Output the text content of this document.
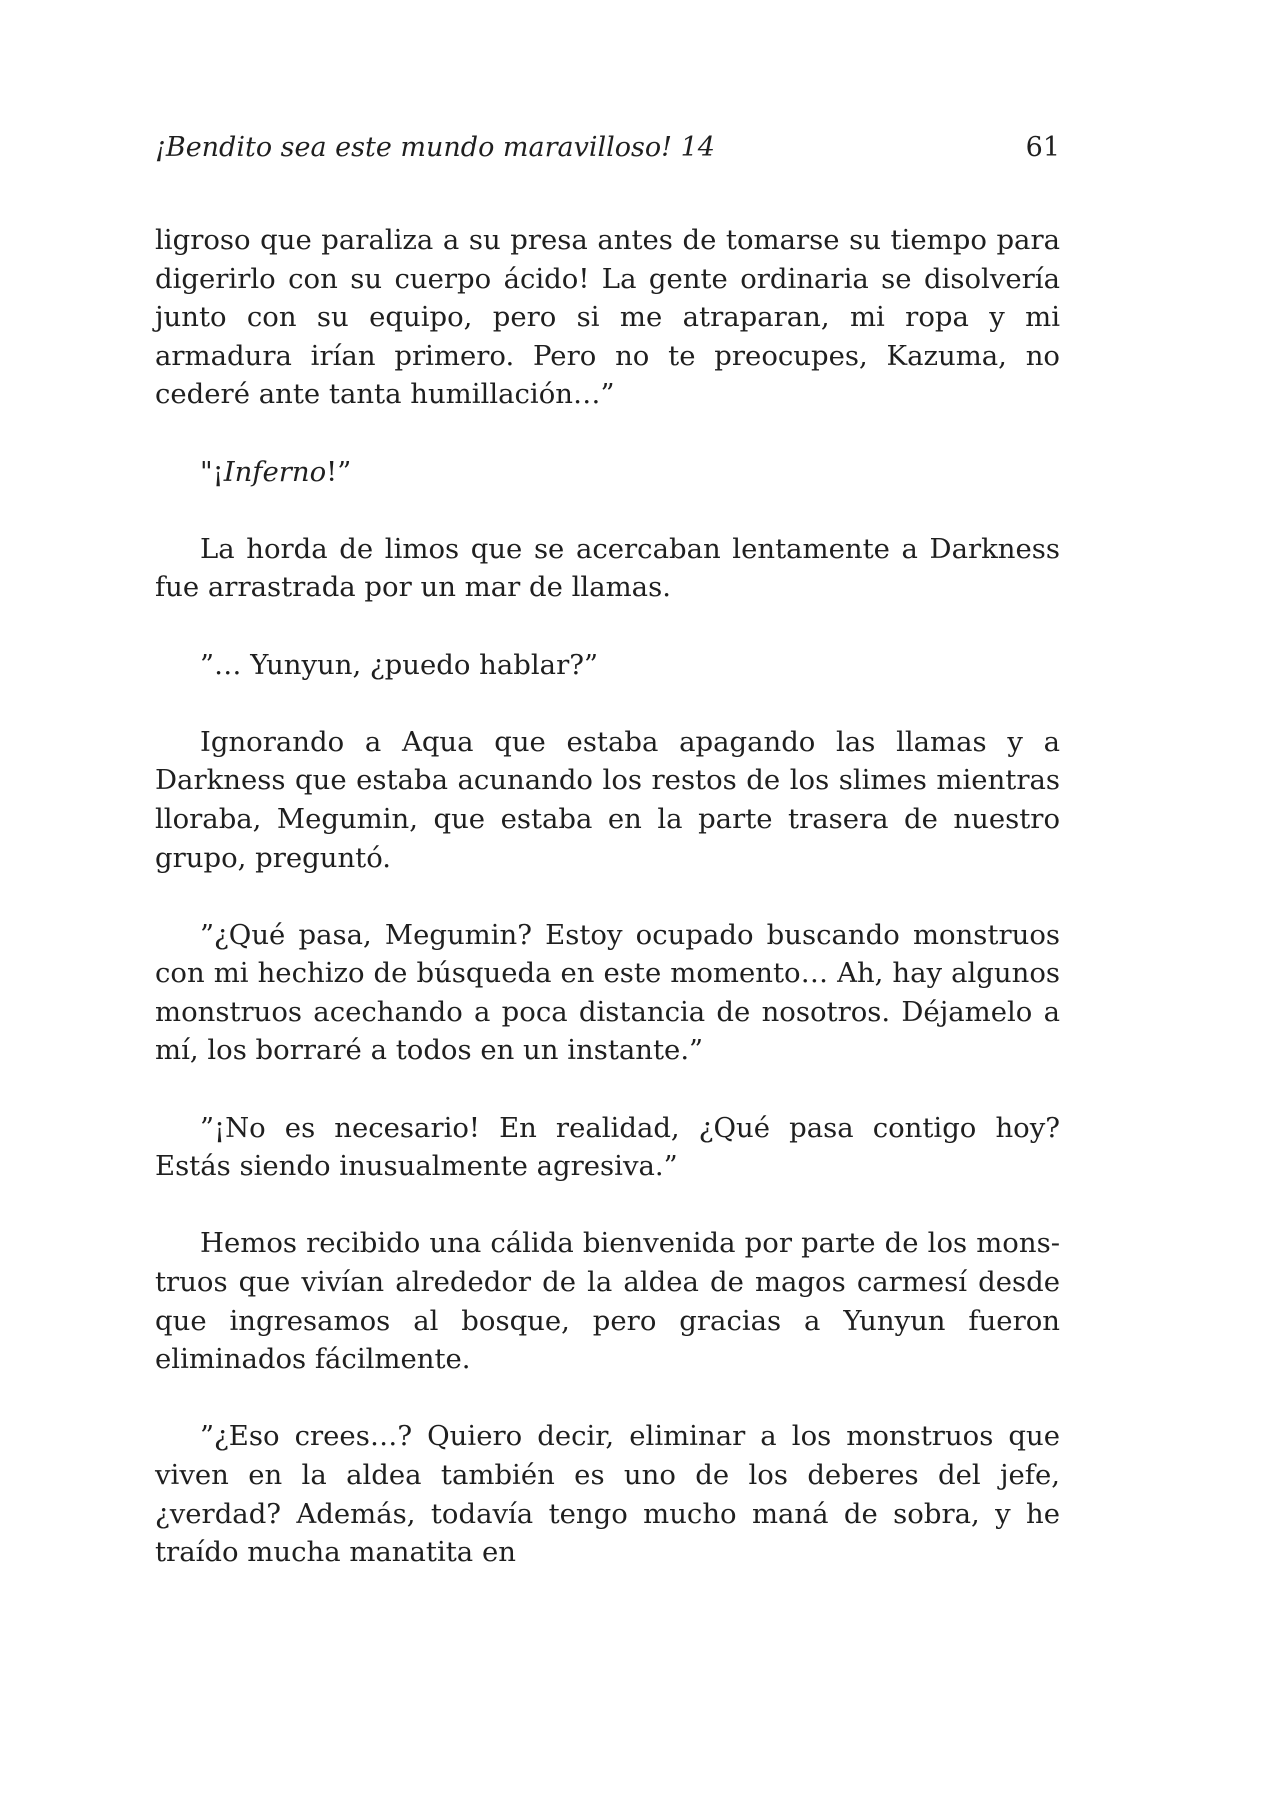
¡Bendito sea este mundo maravilloso! 14	61

ligroso que paraliza a su presa antes de tomarse su tiempo para digerirlo con su cuerpo ácido! La gente ordinaria se disolvería junto con su equipo, pero si me atraparan, mi ropa y mi armadura irían primero. Pero no te preocupes, Kazuma, no cederé ante tanta humillación…”

"¡Inferno!”

La horda de limos que se acercaban lentamente a Darkness fue arrastrada por un mar de llamas.

”… Yunyun, ¿puedo hablar?”

Ignorando a Aqua que estaba apagando las llamas y a Darkness que estaba acunando los restos de los slimes mientras lloraba, Megumin, que estaba en la parte trasera de nuestro grupo, preguntó.

”¿Qué pasa, Megumin? Estoy ocupado buscando monstruos con mi hechizo de búsqueda en este momento… Ah, hay algunos monstruos acechando a poca distancia de nosotros. Déjamelo a mí, los borraré a todos en un instante.”

”¡No es necesario! En realidad, ¿Qué pasa contigo hoy? Estás siendo inusualmente agresiva.”

Hemos recibido una cálida bienvenida por parte de los monstruos que vivían alrededor de la aldea de magos carmesí desde que ingresamos al bosque, pero gracias a Yunyun fueron eliminados fácilmente.

”¿Eso crees…? Quiero decir, eliminar a los monstruos que viven en la aldea también es uno de los deberes del jefe, ¿verdad? Además, todavía tengo mucho maná de sobra, y he traído mucha manatita en
